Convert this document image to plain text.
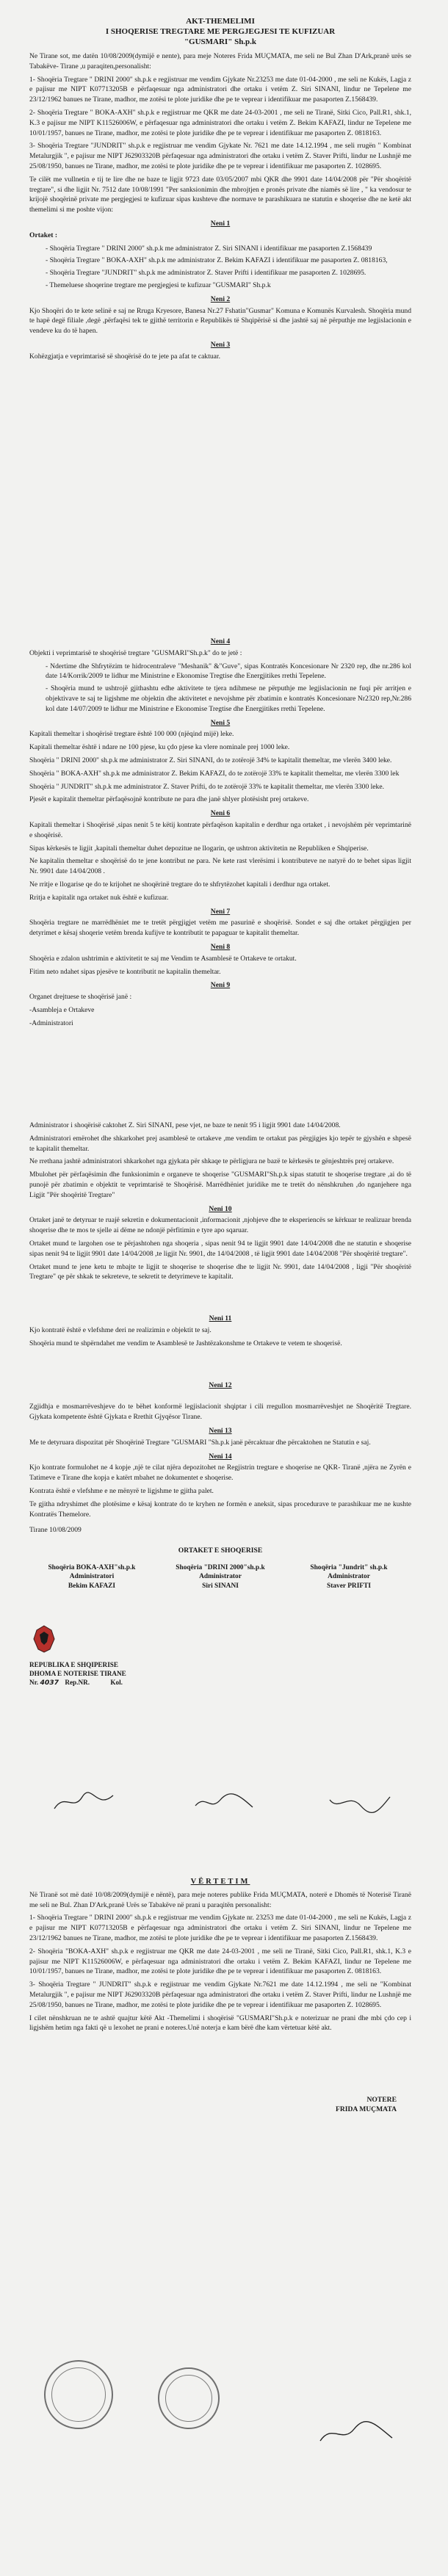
AKT-THEMELIMI

I SHOQERISE TREGTARE ME PERGJEGJESI TE KUFIZUAR

"GUSMARI" Sh.p.k

Ne Tirane sot, me datën 10/08/2009(dymijë e nente), para meje Noteres Frida MUÇMATA, me seli ne Bul Zhan D'Ark,pranë urës se Tabakëve- Tirane ,u paraqiten,personalisht:

1- Shoqëria Tregtare " DRINI 2000" sh.p.k e regjistruar me vendim Gjykate Nr.23253 me date 01-04-2000 , me seli ne Kukës, Lagja z e pajisur me NIPT K07713205B e përfaqesuar nga administratori dhe ortaku i vetëm Z. Siri SINANI, lindur ne Tepelene me 23/12/1962 banues ne Tirane, madhor, me zotësi te plote juridike dhe pe te veprear i identifikuar me pasaporten Z.1568439.

2- Shoqëria Tregtare " BOKA-AXH" sh.p.k e regjistruar me QKR me date 24-03-2001 , me seli ne Tiranë, Sitki Cico, Pall.R1, shk.1, K.3 e pajisur me NIPT K11526006W, e përfaqesuar nga administratori dhe ortaku i vetëm Z. Bekim KAFAZI, lindur ne Tepelene me 10/01/1957, banues ne Tirane, madhor, me zotësi te plote juridike dhe pe te veprear i identifikuar me pasaporten Z. 0818163.

3- Shoqëria Tregtare "JUNDRIT" sh.p.k e regjistruar me vendim Gjykate Nr. 7621 me date 14.12.1994 , me seli rrugën " Kombinat Metalurgjik ", e pajisur me NIPT J62903320B përfaqesuar nga administratori dhe ortaku i vetëm Z. Staver Prifti, lindur ne Lushnjë me 25/08/1950, banues ne Tirane, madhor, me zotësi te plote juridike dhe pe te veprear i identifikuar me pasaporten Z. 1028695.

Te cilët me vullnetin e tij te lire dhe ne baze te ligjit 9723 date 03/05/2007 mbi QKR dhe 9901 date 14/04/2008 për "Për shoqëritë tregtare", si dhe ligjit Nr. 7512 date 10/08/1991 "Per sanksionimin dhe mbrojtjen e pronës private dhe niamës së lire , " ka vendosur te krijojë shoqërinë private me pergjegjesi te kufizuar sipas kushteve dhe normave te parashikuara ne statutin e shoqerise dhe ne ketë akt themelimi si me poshte vijon:

Neni 1

Ortaket :

- Shoqëria Tregtare " DRINI 2000" sh.p.k me administrator Z. Siri SINANI i identifikuar me pasaporten Z.1568439

- Shoqëria Tregtare " BOKA-AXH" sh.p.k me administrator Z. Bekim KAFAZI i identifikuar me pasaporten Z. 0818163,

- Shoqëria Tregtare "JUNDRIT" sh.p.k me administrator Z. Staver Prifti i identifikuar me pasaporten Z. 1028695.

- Themeluese shoqerine tregtare me pergjegjesi te kufizuar "GUSMARI" Sh.p.k

Neni 2

Kjo Shoqëri do te kete selinë e saj ne Rruga Kryesore, Banesa Nr.27 Fshatin"Gusmar" Komuna e Komunës Kurvalesh. Shoqëria mund te hapë degë filiale ,degë ,përfaqësi tek te gjithë territorin e Republikës të Shqipërisë si dhe jashtë saj në përputhje me legjislacionin e vendeve ku do të hapen.

Neni 3

Kohëzgjatja e veprimtarisë së shoqërisë do te jete pa afat te caktuar.

Neni 4

Objekti i veprimtarisë te shoqërisë tregtare "GUSMARI"Sh.p.k" do te jetë :

- Ndertime dhe Shfrytëzim te hidrocentraleve "Meshanik" &"Guve", sipas Kontratës Koncesionare Nr 2320 rep, dhe nr.286 kol date 14/Korrik/2009 te lidhur me Ministrine e Ekonomise Tregtise dhe Energjitikes rrethi Tepelene.

- Shoqëria mund te ushtrojë gjithashtu edhe aktivitete te tjera ndihmese ne përputhje me legjislacionin ne fuqi për arritjen e objektivave te saj te ligjshme me objektin dhe aktivitetet e nevojshme për zbatimin e kontratës Koncesionare Nr2320 rep,Nr.286 kol date 14/07/2009 te lidhur me Ministrine e Ekonomise Tregtise dhe Energjitikes rrethi Tepelene.

Neni 5

Kapitali themeltar i shoqërisë tregtare është 100 000 (njëqind mijë) leke.

Kapitali themeltar është i ndare ne 100 pjese, ku çdo pjese ka vlere nominale prej 1000 leke.

Shoqëria " DRINI 2000" sh.p.k me administrator Z. Siri SINANI, do te zotërojë 34% te kapitalit themeltar, me vlerën 3400 leke.

Shoqëria " BOKA-AXH" sh.p.k me administrator Z. Bekim KAFAZI, do te zotërojë 33% te kapitalit themeltar, me vlerën 3300 lek

Shoqëria " JUNDRIT" sh.p.k me administrator Z. Staver Prifti, do te zotërojë 33% te kapitalit themeltar, me vlerën 3300 leke.

Pjesët e kapitalit themeltar përfaqësojnë kontribute ne para dhe janë shlyer plotësisht prej ortakeve.

Neni 6

Kapitali themeltar i Shoqërisë ,sipas nenit 5 te këtij kontrate përfaqëson kapitalin e derdhur nga ortaket , i nevojshëm për veprimtarinë e shoqërisë.

Sipas kërkesës te ligjit ,kapitali themeltar duhet depozitue ne llogarin, qe ushtron aktivitetin ne Republiken e Shqiperise.

Ne kapitalin themeltar e shoqërisë do te jene kontribut ne para. Ne kete rast vlerësimi i kontributeve ne natyrë do te behet sipas ligjit Nr. 9901 date 14/04/2008 .

Ne rritje e llogarise qe do te krijohet ne shoqërinë tregtare do te shfrytëzohet kapitali i derdhur nga ortaket.

Rritja e kapitalit nga ortaket nuk është e kufizuar.

Neni 7

Shoqëria tregtare ne marrëdhëniet me te tretët përgjigjet vetëm me pasurinë e shoqërisë. Sondet e saj dhe ortaket përgjigjen per detyrimet e kësaj shoqerie vetëm brenda kufijve te kontributit te papaguar te kapitalit themeltar.

Neni 8

Shoqëria e zdalon ushtrimin e aktivitetit te saj me Vendim te Asamblesë te Ortakeve te ortakut.

Fitim neto ndahet sipas pjesëve te kontributit ne kapitalin themeltar.

Neni 9

Organet drejtuese te shoqërisë janë :

-Asambleja e Ortakeve

-Administratori

Administrator i shoqërisë caktohet Z. Siri SINANI, pese vjet, ne baze te nenit 95 i ligjit 9901 date 14/04/2008.

Administratori emërohet dhe shkarkohet prej asamblesë te ortakeve ,me vendim te ortakut pas përgjigjes kjo tepër te gjyshën e shpesë te kapitalit themeltar.

Ne rrethana jashtë administratori shkarkohet nga gjykata për shkaqe te përligjura ne bazë te kërkesës te gënjeshtrës prej ortakeve.

Mbulohet për përfaqësimin dhe funksionimin e organeve te shoqerise "GUSMARI"Sh.p.k sipas statutit te shoqerise tregtare ,ai do të punojë për zbatimin e objektit te veprimtarisë te Shoqërisë. Marrëdhëniet juridike me te tretët do nënshkruhen ,do nganjehere nga Ligjit "Për shoqëritë Tregtare"

Neni 10

Ortaket janë te detyruar te ruajë sekretin e dokumentacionit ,informacionit ,njohjeve dhe te eksperiencës se kërkuar te realizuar brenda shoqerise dhe te mos te sjelle ai dëme ne ndonjë përfitimin e tyre apo sqaruar.

Ortaket mund te largohen ose te përjashtohen nga shoqeria , sipas nenit 94 te ligjit 9901 date 14/04/2008 dhe ne statutin e shoqerise sipas nenit 94 te ligjit 9901 date 14/04/2008 ,te ligjit Nr. 9901, dte 14/04/2008 , të ligjit 9901 date 14/04/2008 "Për shoqëritë tregtare".

Ortaket mund te jene ketu te mbajte te ligjit te shoqerise te shoqerise dhe te ligjit Nr. 9901, date 14/04/2008 , ligji "Për shoqëritë Tregtare" qe për shkak te sekreteve, te sekretit te detyrimeve te kapitalit.

Neni 11

Kjo kontratë është e vlefshme deri ne realizimin e objektit te saj.

Shoqëria mund te shpërndahet me vendim te Asamblesë te Jashtëzakonshme te Ortakeve te vetem te shoqerisë.

Neni 12

Zgjidhja e mosmarrëveshjeve do te bëhet konformë legjislacionit shqiptar i cili rregullon mosmarrëveshjet ne Shoqëritë Tregtare. Gjykata kompetente është Gjykata e Rrethit Gjyqësor Tirane.

Neni 13

Me te detyruara dispozitat për Shoqërinë Tregtare "GUSMARI "Sh.p.k janë përcaktuar dhe përcaktohen ne Statutin e saj.

Neni 14

Kjo kontrate formulohet ne 4 kopje ,një te cilat njëra depozitohet ne Regjistrin tregtare e shoqerise ne QKR- Tiranë ,njëra ne Zyrën e Tatimeve e Tirane dhe kopja e katërt mbahet ne dokumentet e shoqerise.

Kontrata është e vlefshme e ne mënyrë te ligjshme te gjitha palet.

Te gjitha ndryshimet dhe plotësime e kësaj kontrate do te kryhen ne formën e aneksit, sipas procedurave te parashikuar me ne kushte Kontratës Themelore.

Tirane 10/08/2009

ORTAKET E SHOQERISE

Shoqëria BOKA-AXH"sh.p.k
Administratori
Bekim KAFAZI
Shoqëria "DRINI 2000"sh.p.k
Administrator
Siri SINANI
Shoqëria "Jundrit" sh.p.k
Administrator
Staver PRIFTI
REPUBLIKA E SHQIPERISE
DHOMA E NOTERISE TIRANE
Nr. 4037 Rep.NR.	Kol.

VËRTETIM

Në Tiranë sot më datë 10/08/2009(dymijë e nëntë), para meje noteres publike Frida MUÇMATA, noterë e Dhomës të Noterisë Tiranë me seli ne Bul. Zhan D'Ark,pranë Urës se Tabakëve në prani u paraqitën personalisht:

1- Shoqëria Tregtare " DRINI 2000" sh.p.k e regjistruar me vendim Gjykate nr. 23253 me date 01-04-2000 , me seli ne Kukës, Lagja z e pajisur me NIPT K07713205B e përfaqesuar nga administratori dhe ortaku i vetëm Z. Siri SINANI, lindur ne Tepelene me 23/12/1962 banues ne Tirane, madhor, me zotësi te plote juridike dhe pe te veprear i identifikuar me pasaporten Z.1568439.

2- Shoqëria "BOKA-AXH" sh.p.k e regjistruar me QKR me date 24-03-2001 , me seli ne Tiranë, Sitki Cico, Pall.R1, shk.1, K.3 e pajisur me NIPT K11526006W, e përfaqesuar nga administratori dhe ortaku i vetëm Z. Bekim KAFAZI, lindur ne Tepelene me 10/01/1957, banues ne Tirane, madhor, me zotësi te plote juridike dhe pe te veprear i identifikuar me pasaporten Z. 0818163.

3- Shoqëria Tregtare " JUNDRIT" sh.p.k e regjistruar me vendim Gjykate Nr.7621 me date 14.12.1994 , me seli ne "Kombinat Metalurgjik ", e pajisur me NIPT J62903320B përfaqesuar nga administratori dhe ortaku i vetëm Z. Staver Prifti, lindur ne Lushnjë me 25/08/1950, banues ne Tirane, madhor, me zotësi te plote juridike dhe pe te veprear i identifikuar me pasaporten Z. 1028695.

I cilet nënshkruan ne te ashtë quajtur këtë Akt -Themelimi i shoqërisë "GUSMARI"Sh.p.k e noterizuar ne prani dhe mbi çdo cep i ligjshëm hetim nga fakti që u lexohet ne prani e noteres.Unë noterja e kam bërë dhe kam vërtetuar këtë akt.

NOTERE
FRIDA MUÇMATA
